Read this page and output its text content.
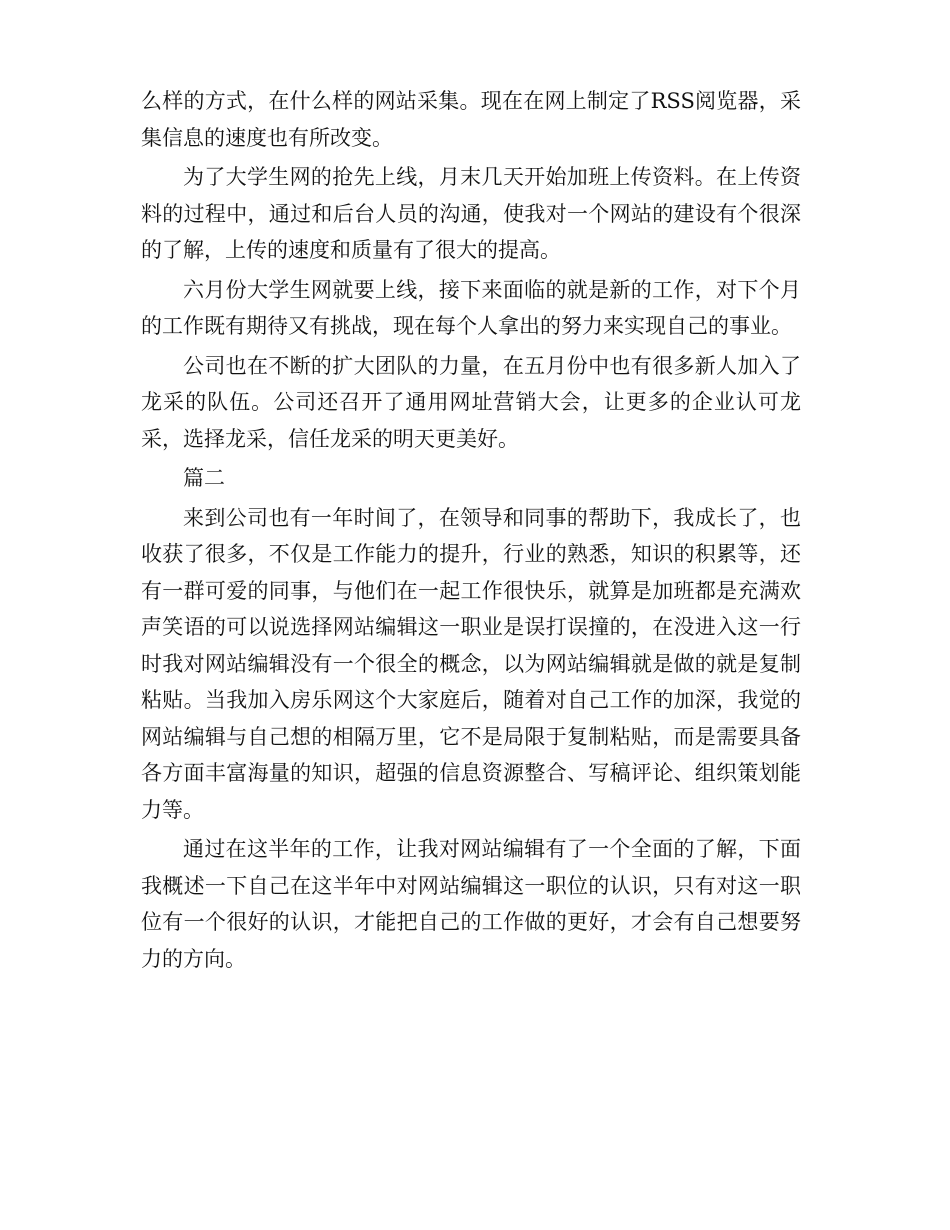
么样的方式，在什么样的网站采集。现在在网上制定了RSS阅览器，采集信息的速度也有所改变。

为了大学生网的抢先上线，月末几天开始加班上传资料。在上传资料的过程中，通过和后台人员的沟通，使我对一个网站的建设有个很深的了解，上传的速度和质量有了很大的提高。

六月份大学生网就要上线，接下来面临的就是新的工作，对下个月的工作既有期待又有挑战，现在每个人拿出的努力来实现自己的事业。

公司也在不断的扩大团队的力量，在五月份中也有很多新人加入了龙采的队伍。公司还召开了通用网址营销大会，让更多的企业认可龙采，选择龙采，信任龙采的明天更美好。

篇二

来到公司也有一年时间了，在领导和同事的帮助下，我成长了，也收获了很多，不仅是工作能力的提升，行业的熟悉，知识的积累等，还有一群可爱的同事，与他们在一起工作很快乐，就算是加班都是充满欢声笑语的可以说选择网站编辑这一职业是误打误撞的，在没进入这一行时我对网站编辑没有一个很全的概念，以为网站编辑就是做的就是复制粘贴。当我加入房乐网这个大家庭后，随着对自己工作的加深，我觉的网站编辑与自己想的相隔万里，它不是局限于复制粘贴，而是需要具备各方面丰富海量的知识，超强的信息资源整合、写稿评论、组织策划能力等。

通过在这半年的工作，让我对网站编辑有了一个全面的了解，下面我概述一下自己在这半年中对网站编辑这一职位的认识，只有对这一职位有一个很好的认识，才能把自己的工作做的更好，才会有自己想要努力的方向。
